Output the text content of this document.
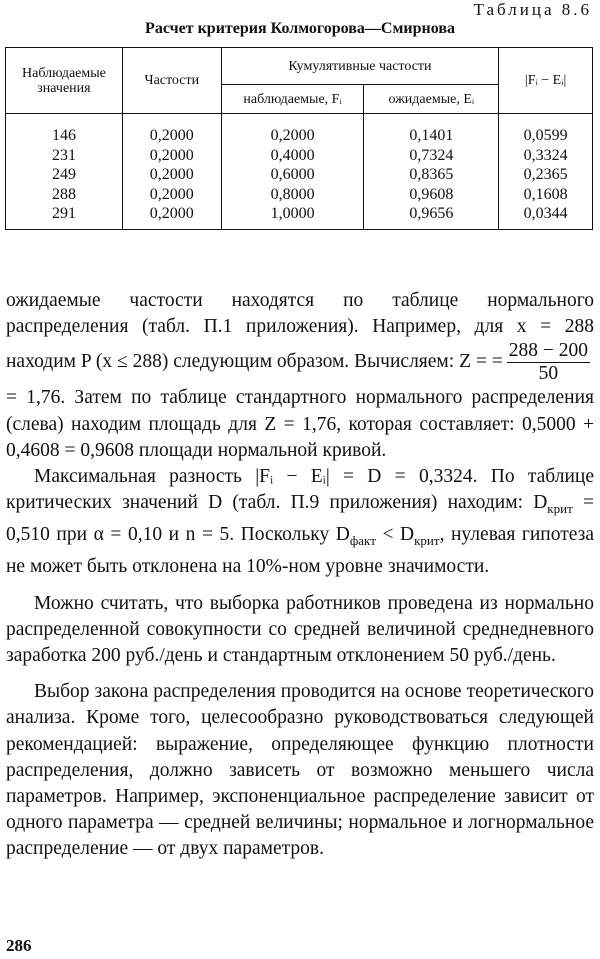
Таблица 8.6
Расчет критерия Колмогорова—Смирнова
Наблюдаемые значения	Частости	Кумулятивные частости		|Fᵢ − Eᵢ|
		наблюдаемые, Fᵢ	ожидаемые, Eᵢ	
146	0,2000	0,2000	0,1401	0,0599
231	0,2000	0,4000	0,7324	0,3324
249	0,2000	0,6000	0,8365	0,2365
288	0,2000	0,8000	0,9608	0,1608
291	0,2000	1,0000	0,9656	0,0344

ожидаемые частости находятся по таблице нормального распределения (табл. П.1 приложения). Например, для x = 288 находим P (x ≤ 288) следующим образом. Вычисляем: Z = = $\frac{288 - 200}{50}$
= 1,76. Затем по таблице стандартного нормального распределения (слева) находим площадь для Z = 1,76, которая составляет: 0,5000 + 0,4608 = 0,9608 площади нормальной кривой.

Максимальная разность |Fᵢ − Eᵢ| = D = 0,3324. По таблице критических значений D (табл. П.9 приложения) находим: $D_{крит} = 0,510$ при α = 0,10 и n = 5. Поскольку $D_{факт} < D_{крит}$, нулевая гипотеза не может быть отклонена на 10%-ном уровне значимости.

Можно считать, что выборка работников проведена из нормально распределенной совокупности со средней величиной среднедневного заработка 200 руб./день и стандартным отклонением 50 руб./день.

Выбор закона распределения проводится на основе теоретического анализа. Кроме того, целесообразно руководствоваться следующей рекомендацией: выражение, определяющее функцию плотности распределения, должно зависеть от возможно меньшего числа параметров. Например, экспоненциальное распределение зависит от одного параметра — средней величины; нормальное и логнормальное распределение — от двух параметров.

286
